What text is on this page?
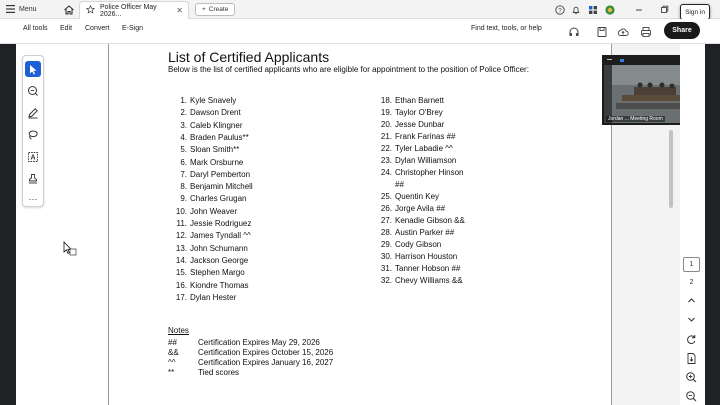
Menu	Police Officer May 2026...	✕	+ Create	?	Sign in
All tools Edit Convert E-Sign	Find text, tools, or help	Share
A
···
List of Certified Applicants
Below is the list of certified applicants who are eligible for appointment to the position of Police Officer:
1. Kyle Snavely
2. Dawson Drent
3. Caleb Klingner
4. Braden Paulus**
5. Sloan Smith**
6. Mark Orsburne
7. Daryl Pemberton
8. Benjamin Mitchell
9. Charles Grugan
10. John Weaver
11. Jessie Rodriguez
12. James Tyndall ^^
13. John Schumann
14. Jackson George
15. Stephen Margo
16. Kiondre Thomas
17. Dylan Hester
18. Ethan Barnett
19. Taylor O'Brey
20. Jesse Dunbar
21. Frank Farinas ##
22. Tyler Labadie ^^
23. Dylan Williamson
24. Christopher Hinson
##
25. Quentin Key
26. Jorge Avila ##
27. Kenadie Gibson &&
28. Austin Parker ##
29. Cody Gibson
30. Harrison Houston
31. Tanner Hobson ##
32. Chevy Williams &&
Notes
##	Certification Expires May 29, 2026
&& Certification Expires October 15, 2026
^^	Certification Expires January 16, 2027
**	Tied scores
Jordan ... Meeting Room
1
2
